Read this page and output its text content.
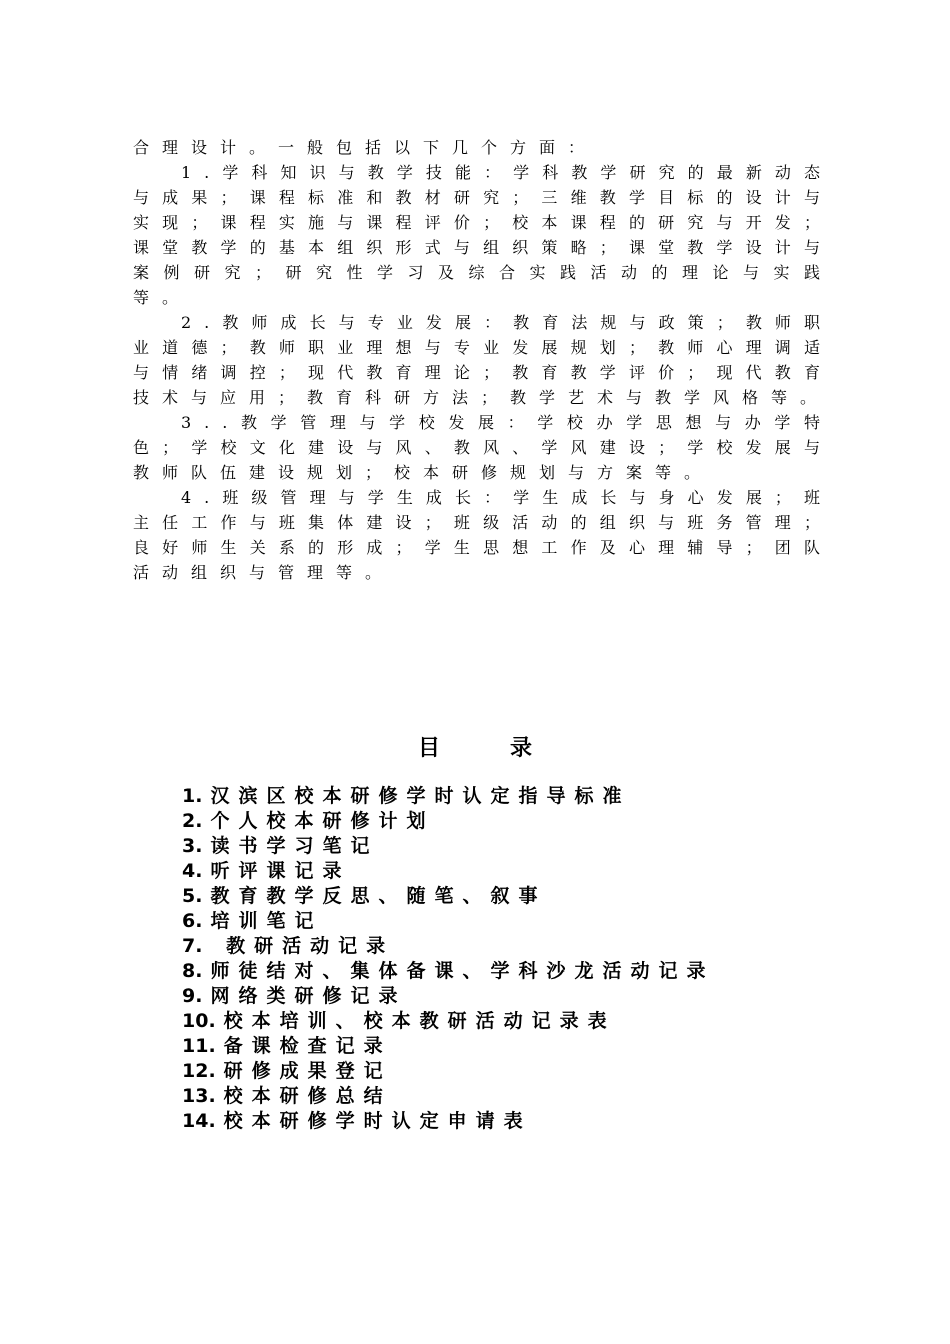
合理设计。一般包括以下几个方面：

1.学科知识与教学技能：学科教学研究的最新动态与成果；课程标准和教材研究；三维教学目标的设计与实现；课程实施与课程评价；校本课程的研究与开发；课堂教学的基本组织形式与组织策略；课堂教学设计与案例研究；研究性学习及综合实践活动的理论与实践等。

2.教师成长与专业发展：教育法规与政策；教师职业道德；教师职业理想与专业发展规划；教师心理调适与情绪调控；现代教育理论；教育教学评价；现代教育技术与应用；教育科研方法；教学艺术与教学风格等。

3..教学管理与学校发展：学校办学思想与办学特色；学校文化建设与风、教风、学风建设；学校发展与教师队伍建设规划；校本研修规划与方案等。

4.班级管理与学生成长：学生成长与身心发展；班主任工作与班集体建设；班级活动的组织与班务管理；良好师生关系的形成；学生思想工作及心理辅导；团队活动组织与管理等。

目录
1. 汉滨区校本研修学时认定指导标准
2. 个人校本研修计划
3. 读书学习笔记
4. 听评课记录
5. 教育教学反思、随笔、叙事
6. 培训笔记
7. 教研活动记录
8. 师徒结对、集体备课、学科沙龙活动记录
9. 网络类研修记录
10. 校本培训、校本教研活动记录表
11. 备课检查记录
12. 研修成果登记
13. 校本研修总结
14. 校本研修学时认定申请表
